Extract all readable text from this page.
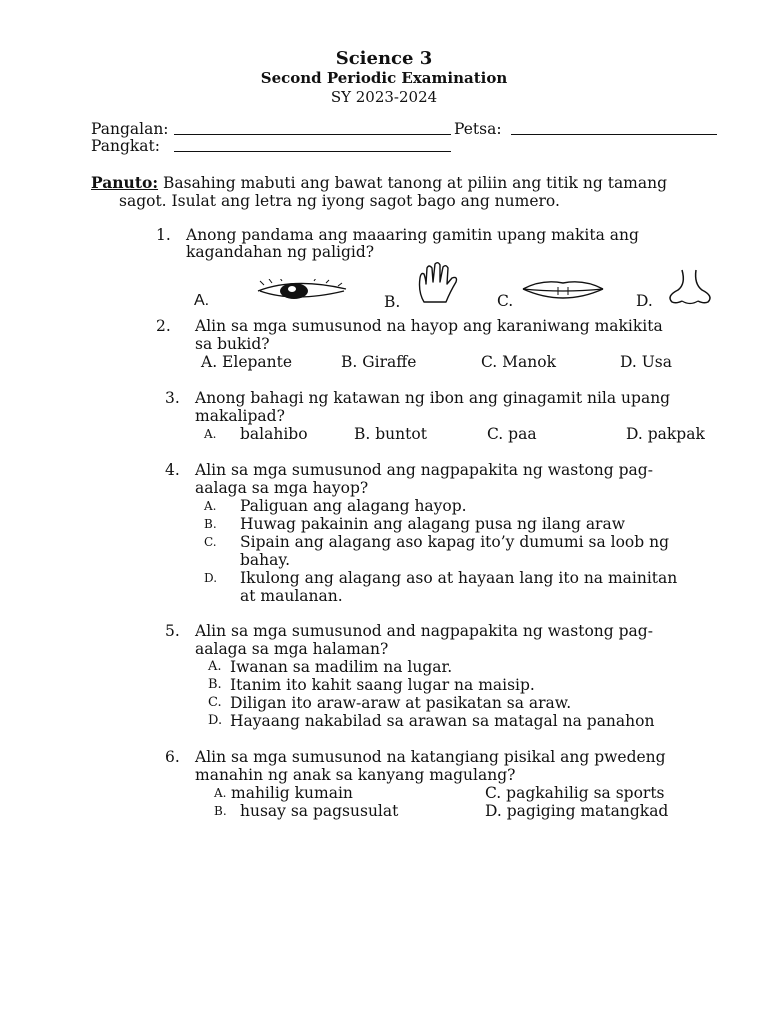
Science 3
Second Periodic Examination
SY 2023-2024
Pangalan:	Petsa:
Pangkat:
Panuto: Basahing mabuti ang bawat tanong at piliin ang titik ng tamang
sagot. Isulat ang letra ng iyong sagot bago ang numero.
1. Anong pandama ang maaaring gamitin upang makita ang
kagandahan ng paligid?
A.	B.	C.	D.
2. Alin sa mga sumusunod na hayop ang karaniwang makikita
sa bukid?
A. Elepante	B. Giraffe	C. Manok	D. Usa
3. Anong bahagi ng katawan ng ibon ang ginagamit nila upang
makalipad?
A. balahibo	B. buntot	C. paa	D. pakpak
4. Alin sa mga sumusunod ang nagpapakita ng wastong pag-
aalaga sa mga hayop?
A. Paliguan ang alagang hayop.
B. Huwag pakainin ang alagang pusa ng ilang araw
C. Sipain ang alagang aso kapag ito’y dumumi sa loob ng
bahay.
D. Ikulong ang alagang aso at hayaan lang ito na mainitan
at maulanan.
5. Alin sa mga sumusunod and nagpapakita ng wastong pag-
aalaga sa mga halaman?
A. Iwanan sa madilim na lugar.
B. Itanim ito kahit saang lugar na maisip.
C. Diligan ito araw-araw at pasikatan sa araw.
D. Hayaang nakabilad sa arawan sa matagal na panahon
6. Alin sa mga sumusunod na katangiang pisikal ang pwedeng
manahin ng anak sa kanyang magulang?
A. mahilig kumain	C. pagkahilig sa sports
B. husay sa pagsusulat	D. pagiging matangkad
